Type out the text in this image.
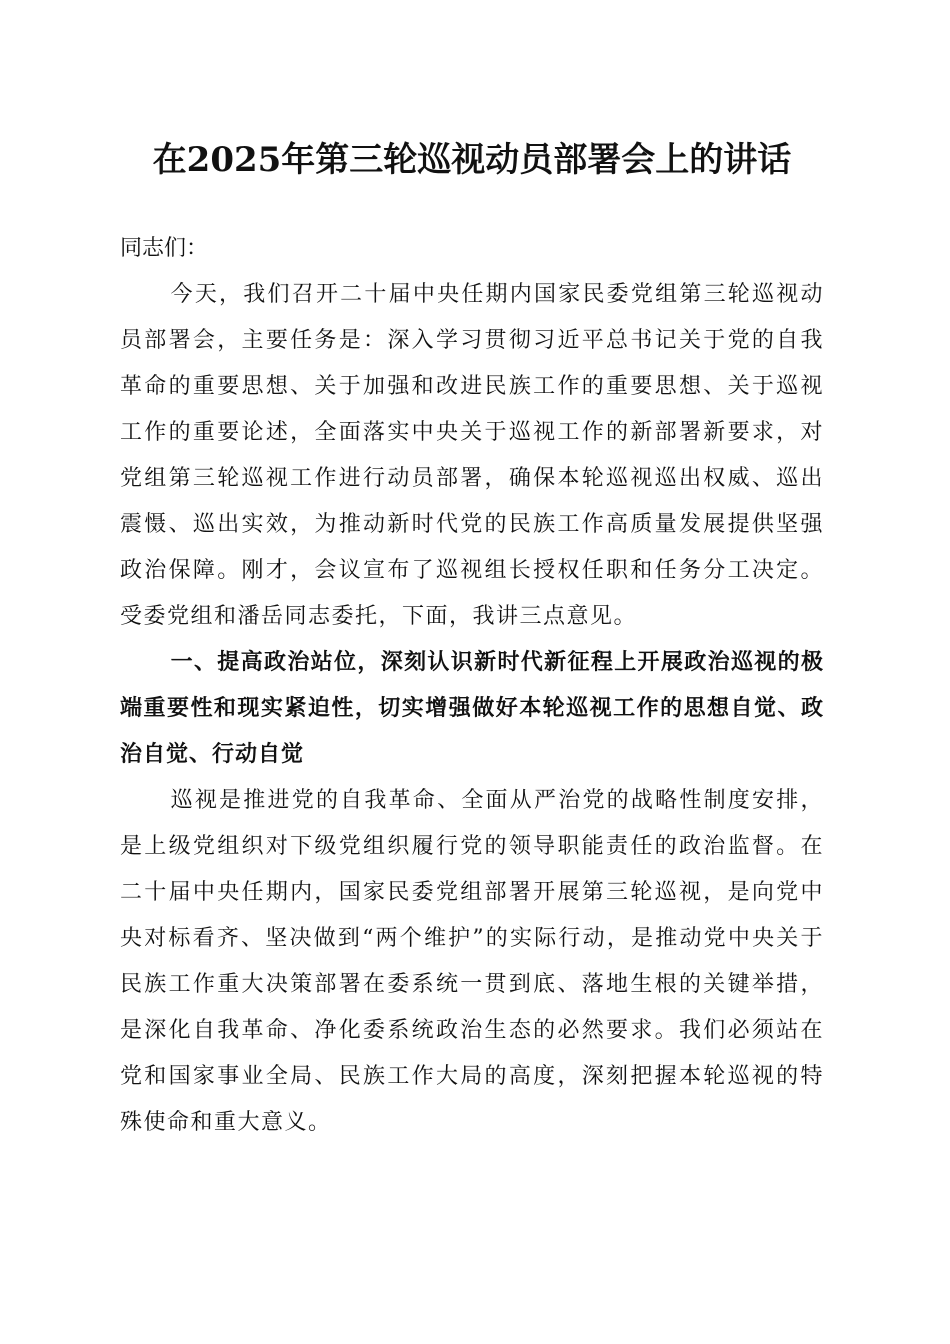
在2025年第三轮巡视动员部署会上的讲话

同志们：

今天，我们召开二十届中央任期内国家民委党组第三轮巡视动员部署会，主要任务是：深入学习贯彻习近平总书记关于党的自我革命的重要思想、关于加强和改进民族工作的重要思想、关于巡视工作的重要论述，全面落实中央关于巡视工作的新部署新要求，对党组第三轮巡视工作进行动员部署，确保本轮巡视巡出权威、巡出震慑、巡出实效，为推动新时代党的民族工作高质量发展提供坚强政治保障。刚才，会议宣布了巡视组长授权任职和任务分工决定。受委党组和潘岳同志委托，下面，我讲三点意见。

一、提高政治站位，深刻认识新时代新征程上开展政治巡视的极端重要性和现实紧迫性，切实增强做好本轮巡视工作的思想自觉、政治自觉、行动自觉

巡视是推进党的自我革命、全面从严治党的战略性制度安排，是上级党组织对下级党组织履行党的领导职能责任的政治监督。在二十届中央任期内，国家民委党组部署开展第三轮巡视，是向党中央对标看齐、坚决做到“两个维护”的实际行动，是推动党中央关于民族工作重大决策部署在委系统一贯到底、落地生根的关键举措，是深化自我革命、净化委系统政治生态的必然要求。我们必须站在党和国家事业全局、民族工作大局的高度，深刻把握本轮巡视的特殊使命和重大意义。
